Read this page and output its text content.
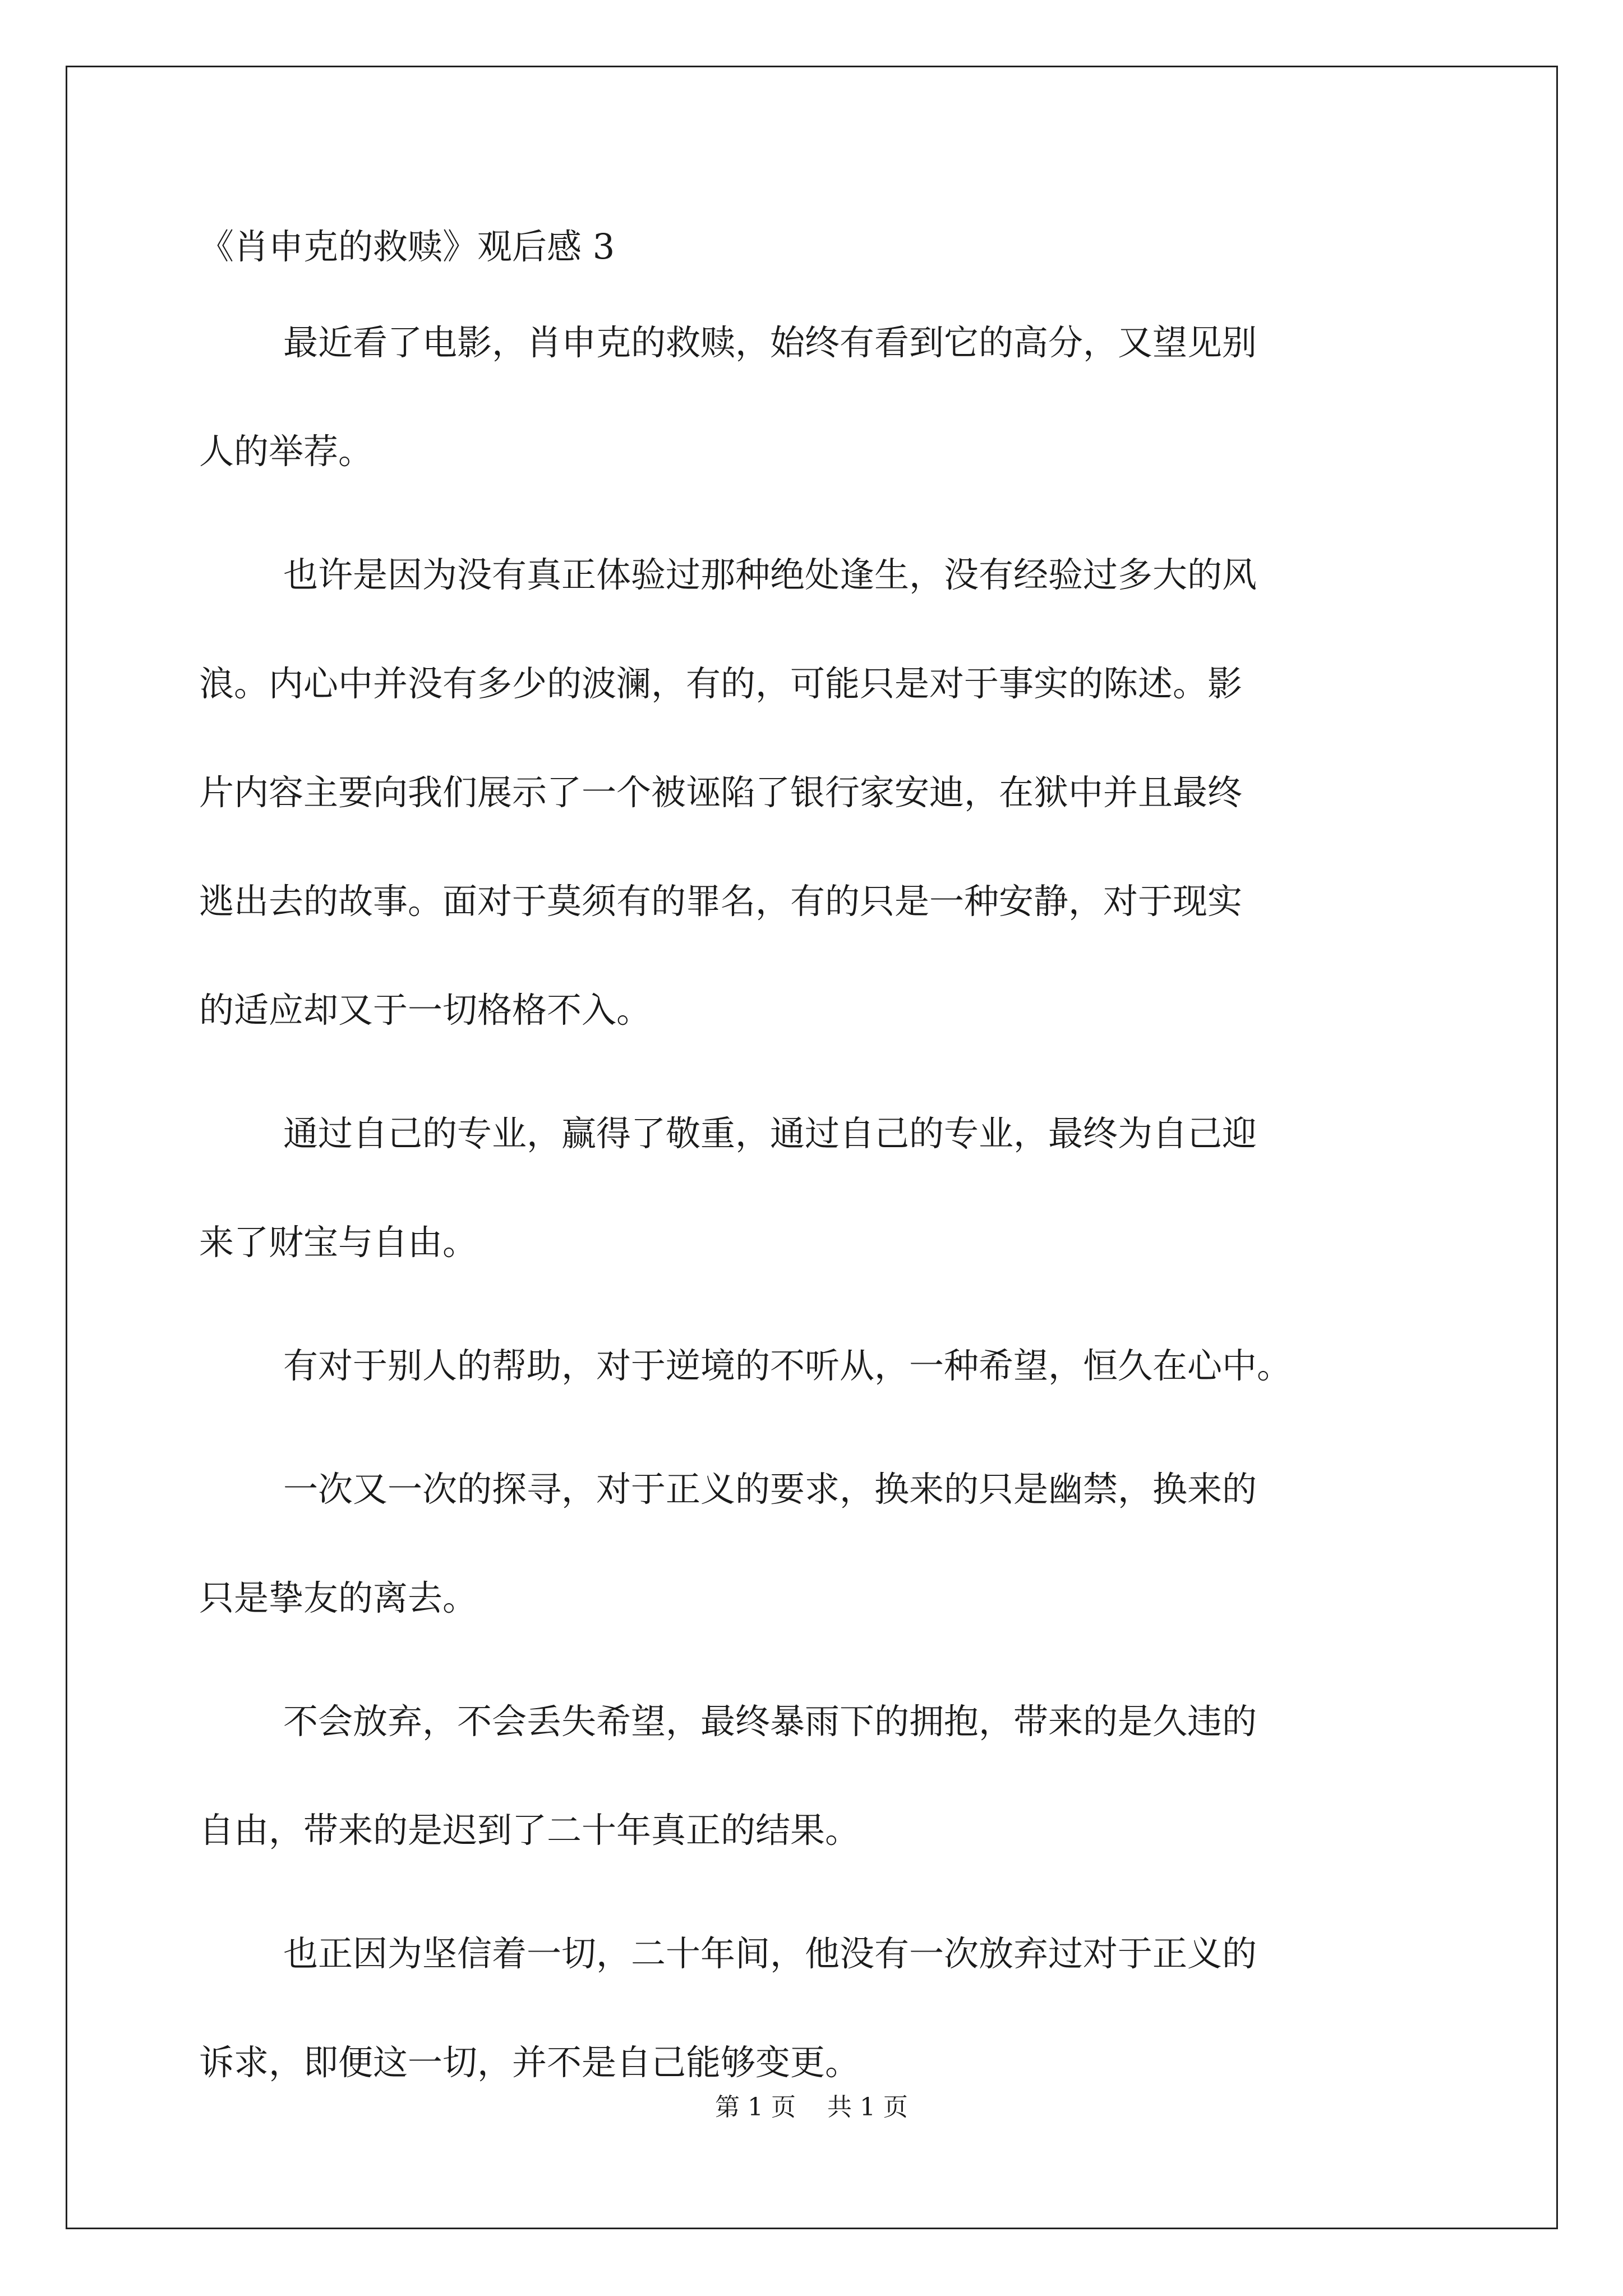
《肖申克的救赎》观后感 3
最近看了电影，肖申克的救赎，始终有看到它的高分，又望见别
人的举荐。
也许是因为没有真正体验过那种绝处逢生，没有经验过多大的风
浪。内心中并没有多少的波澜，有的，可能只是对于事实的陈述。影
片内容主要向我们展示了一个被诬陷了银行家安迪，在狱中并且最终
逃出去的故事。面对于莫须有的罪名，有的只是一种安静，对于现实
的适应却又于一切格格不入。
通过自己的专业，赢得了敬重，通过自己的专业，最终为自己迎
来了财宝与自由。
有对于别人的帮助，对于逆境的不听从，一种希望，恒久在心中。
一次又一次的探寻，对于正义的要求，换来的只是幽禁，换来的
只是挚友的离去。
不会放弃，不会丢失希望，最终暴雨下的拥抱，带来的是久违的
自由，带来的是迟到了二十年真正的结果。
也正因为坚信着一切，二十年间，他没有一次放弃过对于正义的
诉求，即便这一切，并不是自己能够变更。
第 1 页    共 1 页
